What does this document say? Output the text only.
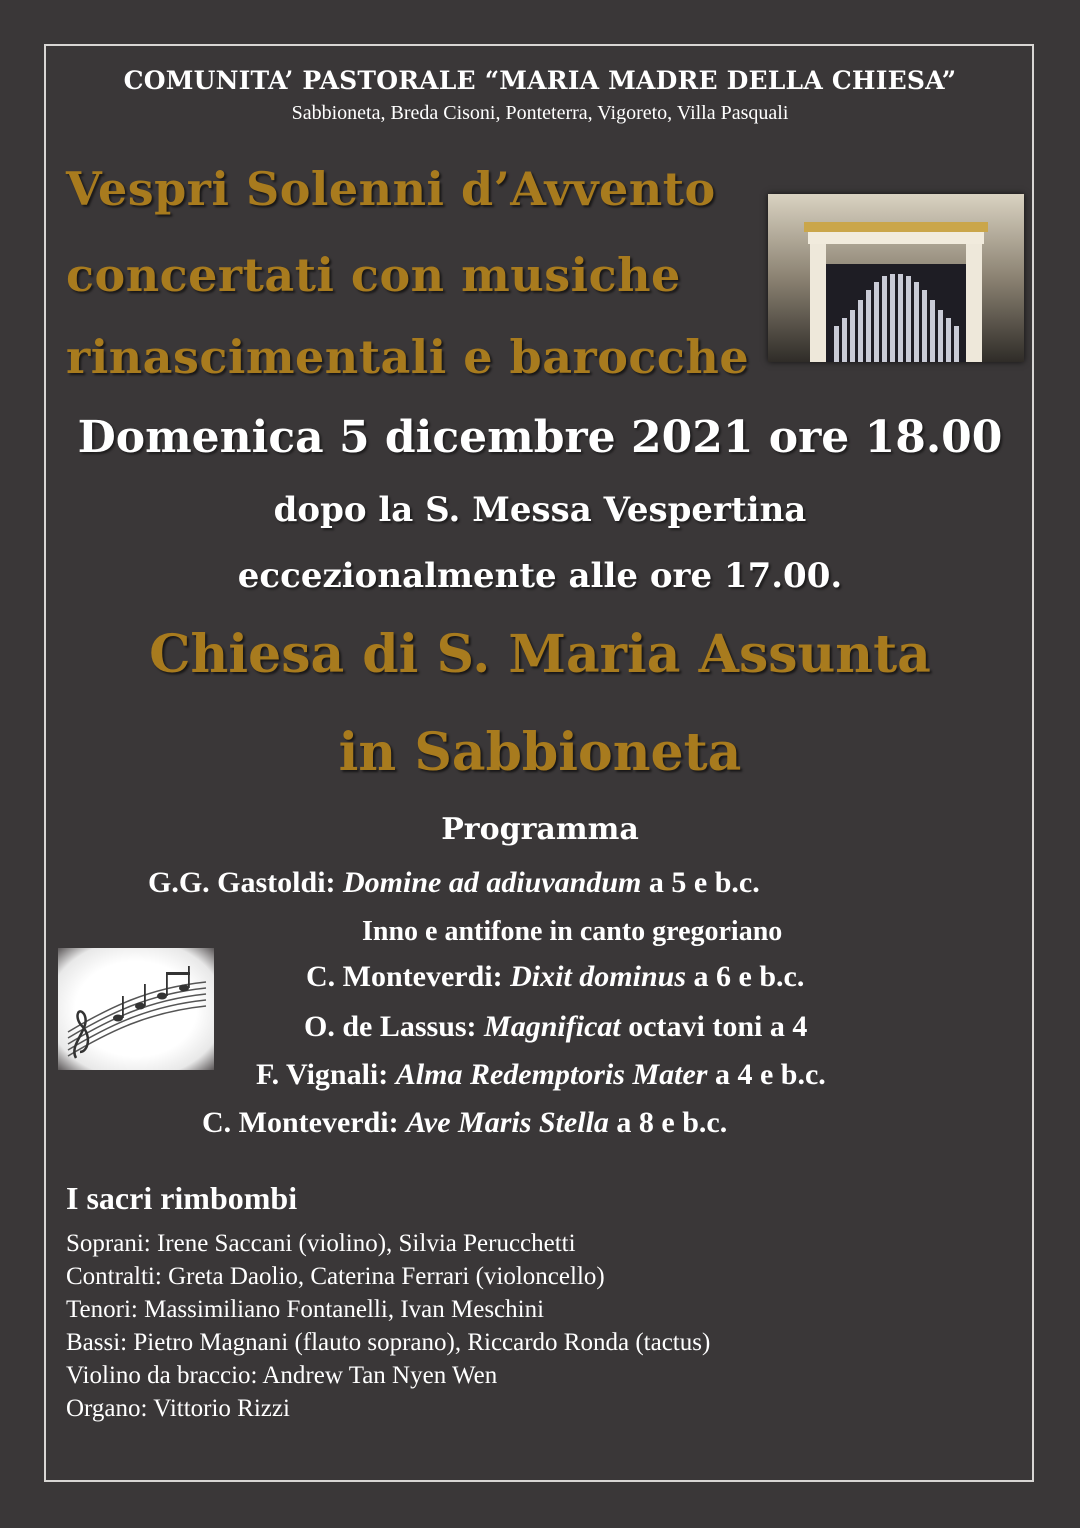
COMUNITA’ PASTORALE “MARIA MADRE DELLA CHIESA”
Sabbioneta, Breda Cisoni, Ponteterra, Vigoreto, Villa Pasquali
Vespri Solenni d’Avvento
concertati con musiche
rinascimentali e barocche
Domenica 5 dicembre 2021 ore 18.00
dopo la S. Messa Vespertina
eccezionalmente alle ore 17.00.
Chiesa di S. Maria Assunta
in Sabbioneta
Programma
G.G. Gastoldi: Domine ad adiuvandum a 5 e b.c.
Inno e antifone in canto gregoriano
C. Monteverdi: Dixit dominus a 6 e b.c.
O. de Lassus: Magnificat octavi toni a 4
F. Vignali: Alma Redemptoris Mater a 4 e b.c.
C. Monteverdi: Ave Maris Stella a 8 e b.c.
I sacri rimbombi
Soprani: Irene Saccani (violino), Silvia Perucchetti
Contralti: Greta Daolio, Caterina Ferrari (violoncello)
Tenori: Massimiliano Fontanelli, Ivan Meschini
Bassi: Pietro Magnani (flauto soprano), Riccardo Ronda (tactus)
Violino da braccio: Andrew Tan Nyen Wen
Organo: Vittorio Rizzi
